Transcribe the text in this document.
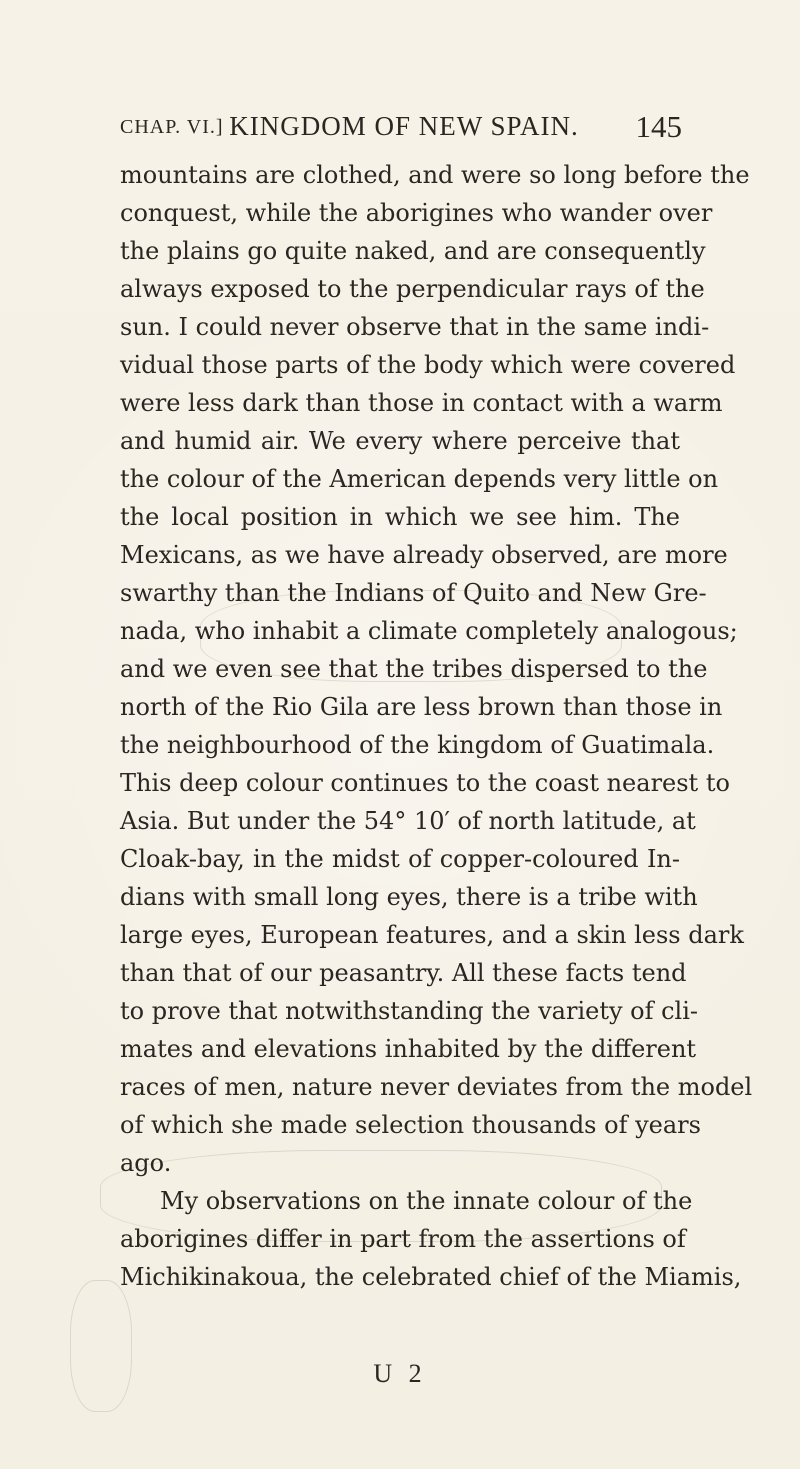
CHAP. VI.] KINGDOM OF NEW SPAIN.	145
mountains are clothed, and were so long before the
conquest, while the aborigines who wander over
the plains go quite naked, and are consequently
always exposed to the perpendicular rays of the
sun. I could never observe that in the same indi-
vidual those parts of the body which were covered
were less dark than those in contact with a warm
and humid air. We every where perceive that
the colour of the American depends very little on
the local position in which we see him. The
Mexicans, as we have already observed, are more
swarthy than the Indians of Quito and New Gre-
nada, who inhabit a climate completely analogous;
and we even see that the tribes dispersed to the
north of the Rio Gila are less brown than those in
the neighbourhood of the kingdom of Guatimala.
This deep colour continues to the coast nearest to
Asia. But under the 54° 10′ of north latitude, at
Cloak-bay, in the midst of copper-coloured In-
dians with small long eyes, there is a tribe with
large eyes, European features, and a skin less dark
than that of our peasantry. All these facts tend
to prove that notwithstanding the variety of cli-
mates and elevations inhabited by the different
races of men, nature never deviates from the model
of which she made selection thousands of years
ago.
My observations on the innate colour of the
aborigines differ in part from the assertions of
Michikinakoua, the celebrated chief of the Miamis,
U 2
